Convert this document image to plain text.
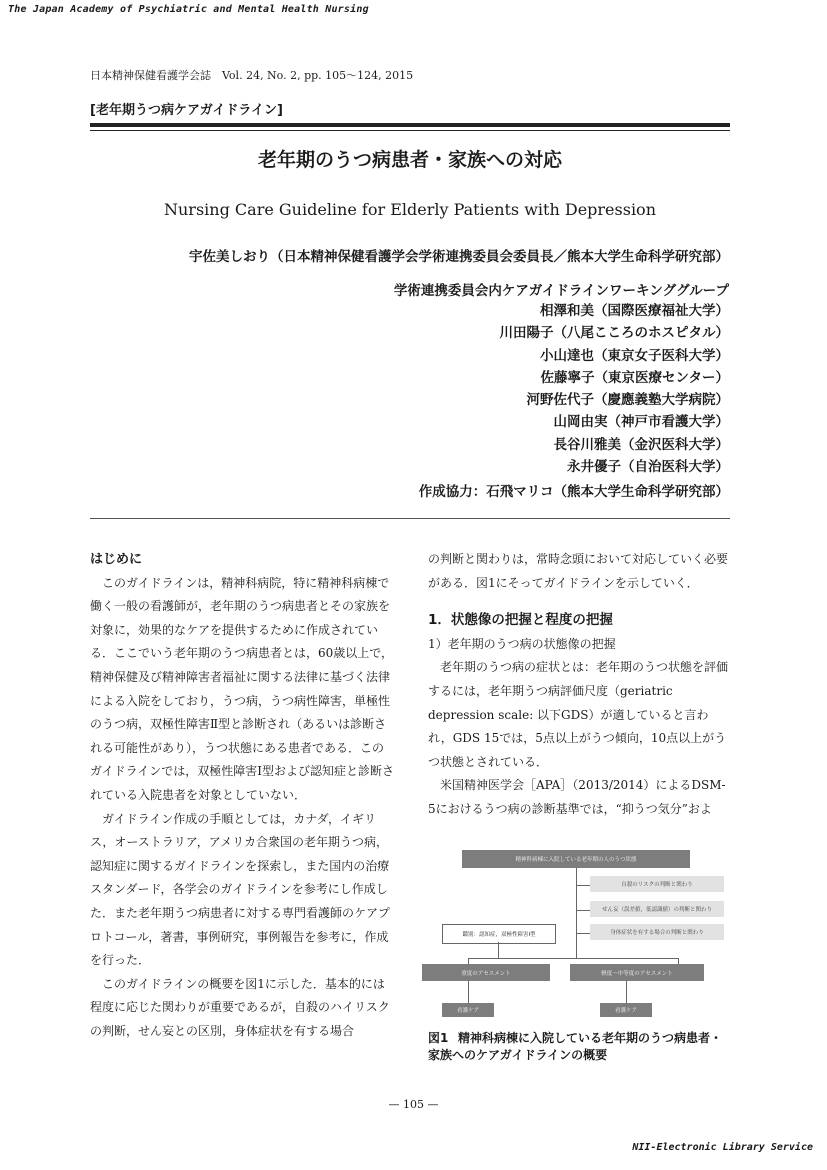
The Japan Academy of Psychiatric and Mental Health Nursing
日本精神保健看護学会誌　Vol. 24, No. 2, pp. 105～124, 2015
[老年期うつ病ケアガイドライン]
老年期のうつ病患者・家族への対応
Nursing Care Guideline for Elderly Patients with Depression
宇佐美しおり（日本精神保健看護学会学術連携委員会委員長／熊本大学生命科学研究部）
学術連携委員会内ケアガイドラインワーキンググループ
相澤和美（国際医療福祉大学）
川田陽子（八尾こころのホスピタル）
小山達也（東京女子医科大学）
佐藤寧子（東京医療センター）
河野佐代子（慶應義塾大学病院）
山岡由実（神戸市看護大学）
長谷川雅美（金沢医科大学）
永井優子（自治医科大学）
作成協力：石飛マリコ（熊本大学生命科学研究部）

はじめに

このガイドラインは，精神科病院，特に精神科病棟で働く一般の看護師が，老年期のうつ病患者とその家族を対象に，効果的なケアを提供するために作成されている．ここでいう老年期のうつ病患者とは，60歳以上で，精神保健及び精神障害者福祉に関する法律に基づく法律による入院をしており，うつ病，うつ病性障害，単極性のうつ病，双極性障害Ⅱ型と診断され（あるいは診断される可能性があり），うつ状態にある患者である．このガイドラインでは，双極性障害Ⅰ型および認知症と診断されている入院患者を対象としていない．

ガイドライン作成の手順としては，カナダ，イギリス，オーストラリア，アメリカ合衆国の老年期うつ病，認知症に関するガイドラインを探索し，また国内の治療スタンダード，各学会のガイドラインを参考にし作成した．また老年期うつ病患者に対する専門看護師のケアプロトコール，著書，事例研究，事例報告を参考に，作成を行った．

このガイドラインの概要を図1に示した．基本的には程度に応じた関わりが重要であるが，自殺のハイリスクの判断，せん妄との区別，身体症状を有する場合

の判断と関わりは，常時念頭において対応していく必要がある．図1にそってガイドラインを示していく．

1．状態像の把握と程度の把握

1）老年期のうつ病の状態像の把握

老年期のうつ病の症状とは：老年期のうつ状態を評価するには，老年期うつ病評価尺度（geriatric depression scale: 以下GDS）が適していると言われ，GDS 15では，5点以上がうつ傾向，10点以上がうつ状態とされている．

米国精神医学会［APA］（2013/2014）によるDSM-5におけるうつ病の診断基準では，“抑うつ気分”およ

精神科病棟に入院している老年期の人のうつ状態
自殺のリスクの判断と関わり
せん妄（誤差値，低認識値）の判断と関わり
身体症状を有する場合の判断と関わり
鑑別：認知症，双極性障害Ⅰ型
重度のアセスメント	軽度～中等度のアセスメント
看護ケア	看護ケア
図1 精神科病棟に入院している老年期のうつ病患者・家族へのケアガイドラインの概要
— 105 —
NII-Electronic Library Service
